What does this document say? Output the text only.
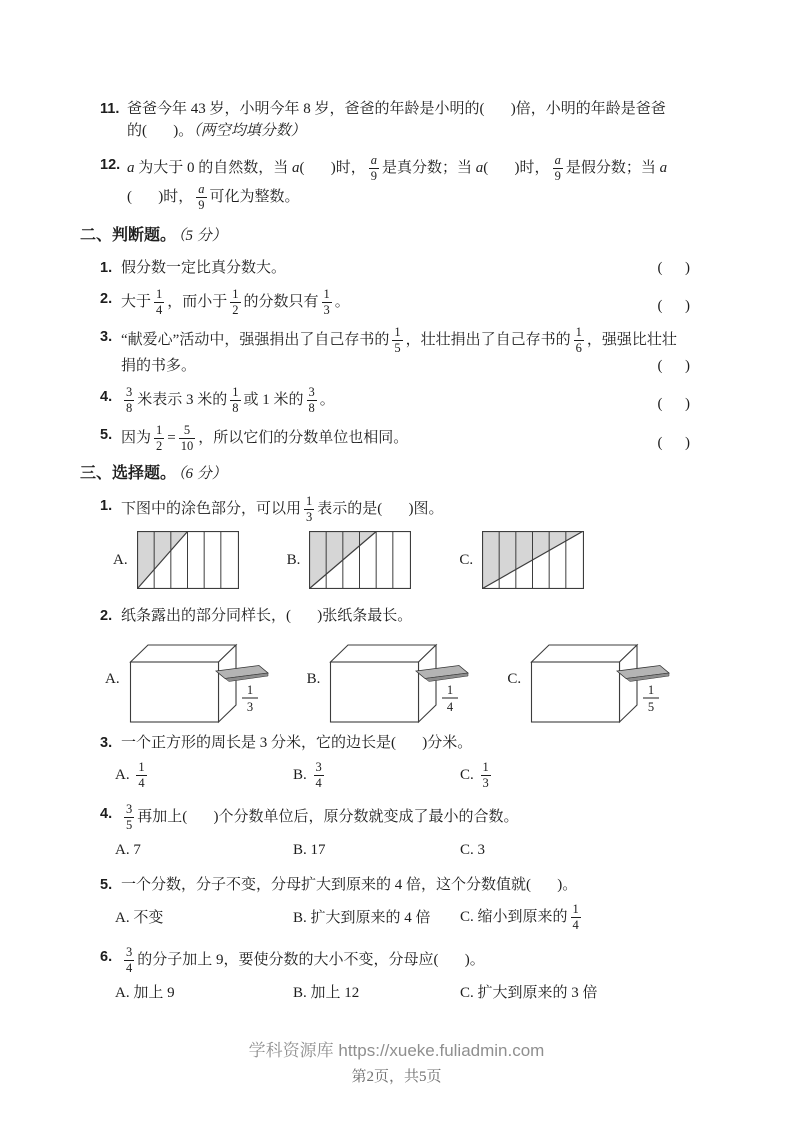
11. 爸爸今年 43 岁，小明今年 8 岁，爸爸的年龄是小明的(       )倍，小明的年龄是爸爸
的(       )。（两空均填分数）
12. a 为大于 0 的自然数，当 a(       )时， $\frac{a}{9}$ 是真分数；当 a(       )时， $\frac{a}{9}$ 是假分数；当 a
(       )时， $\frac{a}{9}$ 可化为整数。
二、判断题。 （5 分）
1. 假分数一定比真分数大。	(      )
2. 大于 $\frac{1}{4}$ ，而小于 $\frac{1}{2}$ 的分数只有 $\frac{1}{3}$ 。	(      )
3. “献爱心”活动中，强强捐出了自己存书的 $\frac{1}{5}$ ，壮壮捐出了自己存书的 $\frac{1}{6}$ ，强强比壮壮
捐的书多。	(      )
4. $\frac{3}{8}$ 米表示 3 米的 $\frac{1}{8}$ 或 1 米的 $\frac{3}{8}$ 。	(      )
5. 因为 $\frac{1}{2} = \frac{5}{10}$ ，所以它们的分数单位也相同。	(      )
三、选择题。 （6 分）
1. 下图中的涂色部分，可以用 $\frac{1}{3}$ 表示的是(       )图。
A.	B.	C.
2. 纸条露出的部分同样长，(       )张纸条最长。
A.
1
3
B.
1
4
C.
1
5
3. 一个正方形的周长是 3 分米，它的边长是(       )分米。
A. $\frac{1}{4}$	B. $\frac{3}{4}$	C. $\frac{1}{3}$
4. $\frac{3}{5}$ 再加上(       )个分数单位后，原分数就变成了最小的合数。
A. 7	B. 17	C. 3
5. 一个分数，分子不变，分母扩大到原来的 4 倍，这个分数值就(       )。
A. 不变	B. 扩大到原来的 4 倍	C. 缩小到原来的 $\frac{1}{4}$
6. $\frac{3}{4}$ 的分子加上 9，要使分数的大小不变，分母应(       )。
A. 加上 9	B. 加上 12	C. 扩大到原来的 3 倍
学科资源库 https://xueke.fuliadmin.com
第2页，共5页
